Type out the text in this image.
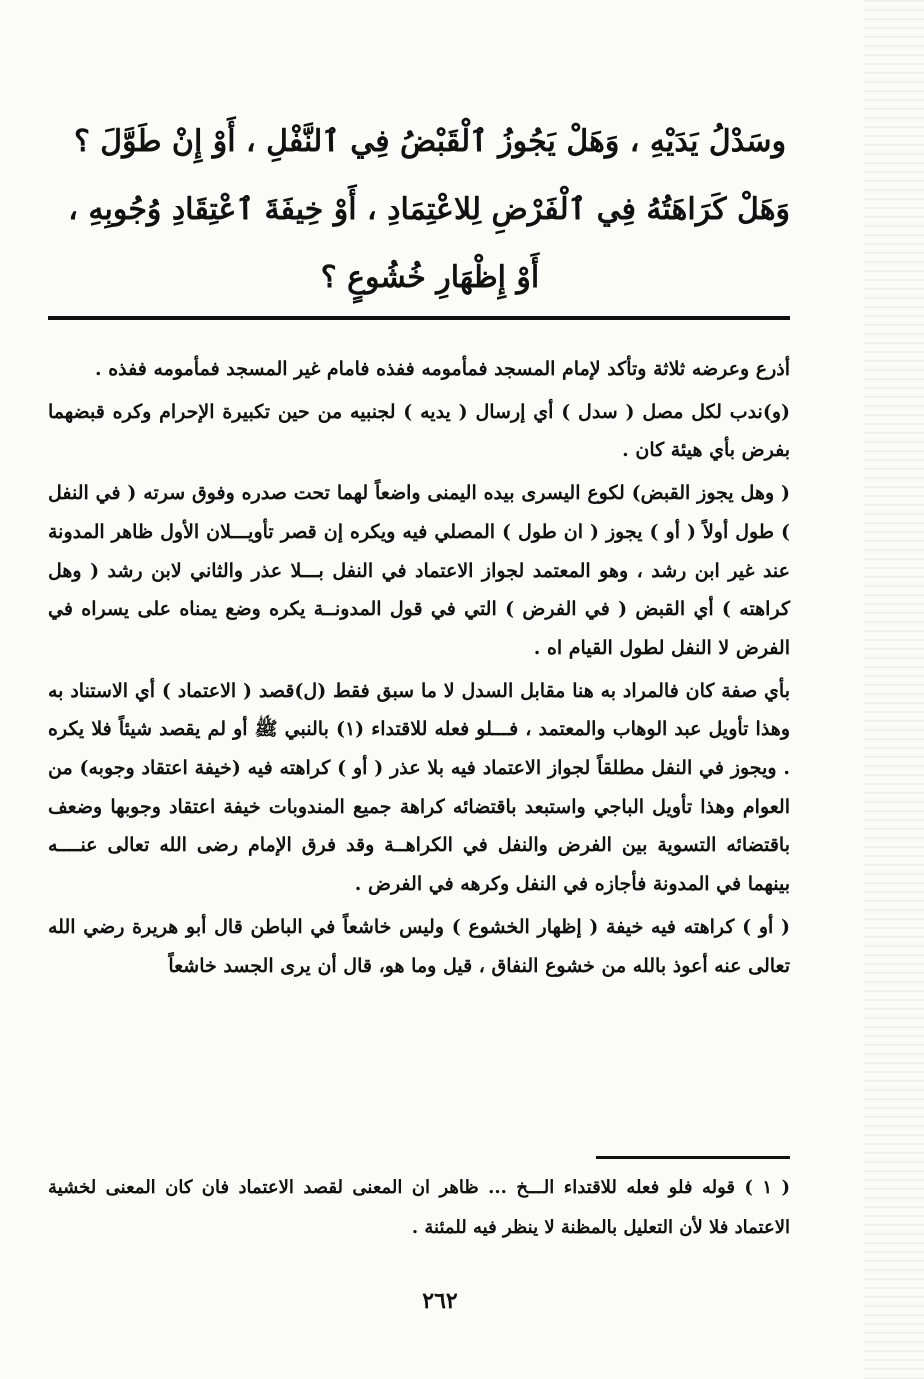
وسَدْلُ يَدَيْهِ ، وَهَلْ يَجُوزُ ٱلْقَبْضُ فِي ٱلنَّفْلِ ، أَوْ إِنْ طَوَّلَ ؟
وَهَلْ كَرَاهَتُهُ فِي ٱلْفَرْضِ لِلاعْتِمَادِ ، أَوْ خِيفَةَ ٱعْتِقَادِ وُجُوبِهِ ،
أَوْ إِظْهَارِ خُشُوعٍ ؟

أذرع وعرضه ثلاثة وتأكد لإمام المسجد فمأمومه ففذه فامام غير المسجد فمأمومه ففذه .

(و)ندب لكل مصل ( سدل ) أي إرسال ( يديه ) لجنبيه من حين تكبيرة الإحرام وكره قبضهما بفرض بأي هيئة كان .

( وهل يجوز القبض) لكوع اليسرى بيده اليمنى واضعاً لهما تحت صدره وفوق سرته ( في النفل ) طول أولاً ( أو ) يجوز ( ان طول ) المصلي فيه ويكره إن قصر تأويـــلان الأول ظاهر المدونة عند غير ابن رشد ، وهو المعتمد لجواز الاعتماد في النفل بـــلا عذر والثاني لابن رشد ( وهل كراهته ) أي القبض ( في الفرض ) التي في قول المدونــة يكره وضع يمناه على يسراه في الفرض لا النفل لطول القيام اه .

بأي صفة كان فالمراد به هنا مقابل السدل لا ما سبق فقط (ل)قصد ( الاعتماد ) أي الاستناد به وهذا تأويل عبد الوهاب والمعتمد ، فـــلو فعله للاقتداء (١) بالنبي ﷺ أو لم يقصد شيئاً فلا يكره . ويجوز في النفل مطلقاً لجواز الاعتماد فيه بلا عذر ( أو ) كراهته فيه (خيفة اعتقاد وجوبه) من العوام وهذا تأويل الباجي واستبعد باقتضائه كراهة جميع المندوبات خيفة اعتقاد وجوبها وضعف باقتضائه التسوية بين الفرض والنفل في الكراهــة وقد فرق الإمام رضى الله تعالى عنــــه بينهما في المدونة فأجازه في النفل وكرهه في الفرض .

( أو ) كراهته فيه خيفة ( إظهار الخشوع ) وليس خاشعاً في الباطن قال أبو هريرة رضي الله تعالى عنه أعوذ بالله من خشوع النفاق ، قيل وما هو، قال أن يرى الجسد خاشعاً

( ١ ) قوله فلو فعله للاقتداء الـــخ ... ظاهر ان المعنى لقصد الاعتماد فان كان المعنى لخشية الاعتماد فلا لأن التعليل بالمظنة لا ينظر فيه للمئنة .
٢٦٢
